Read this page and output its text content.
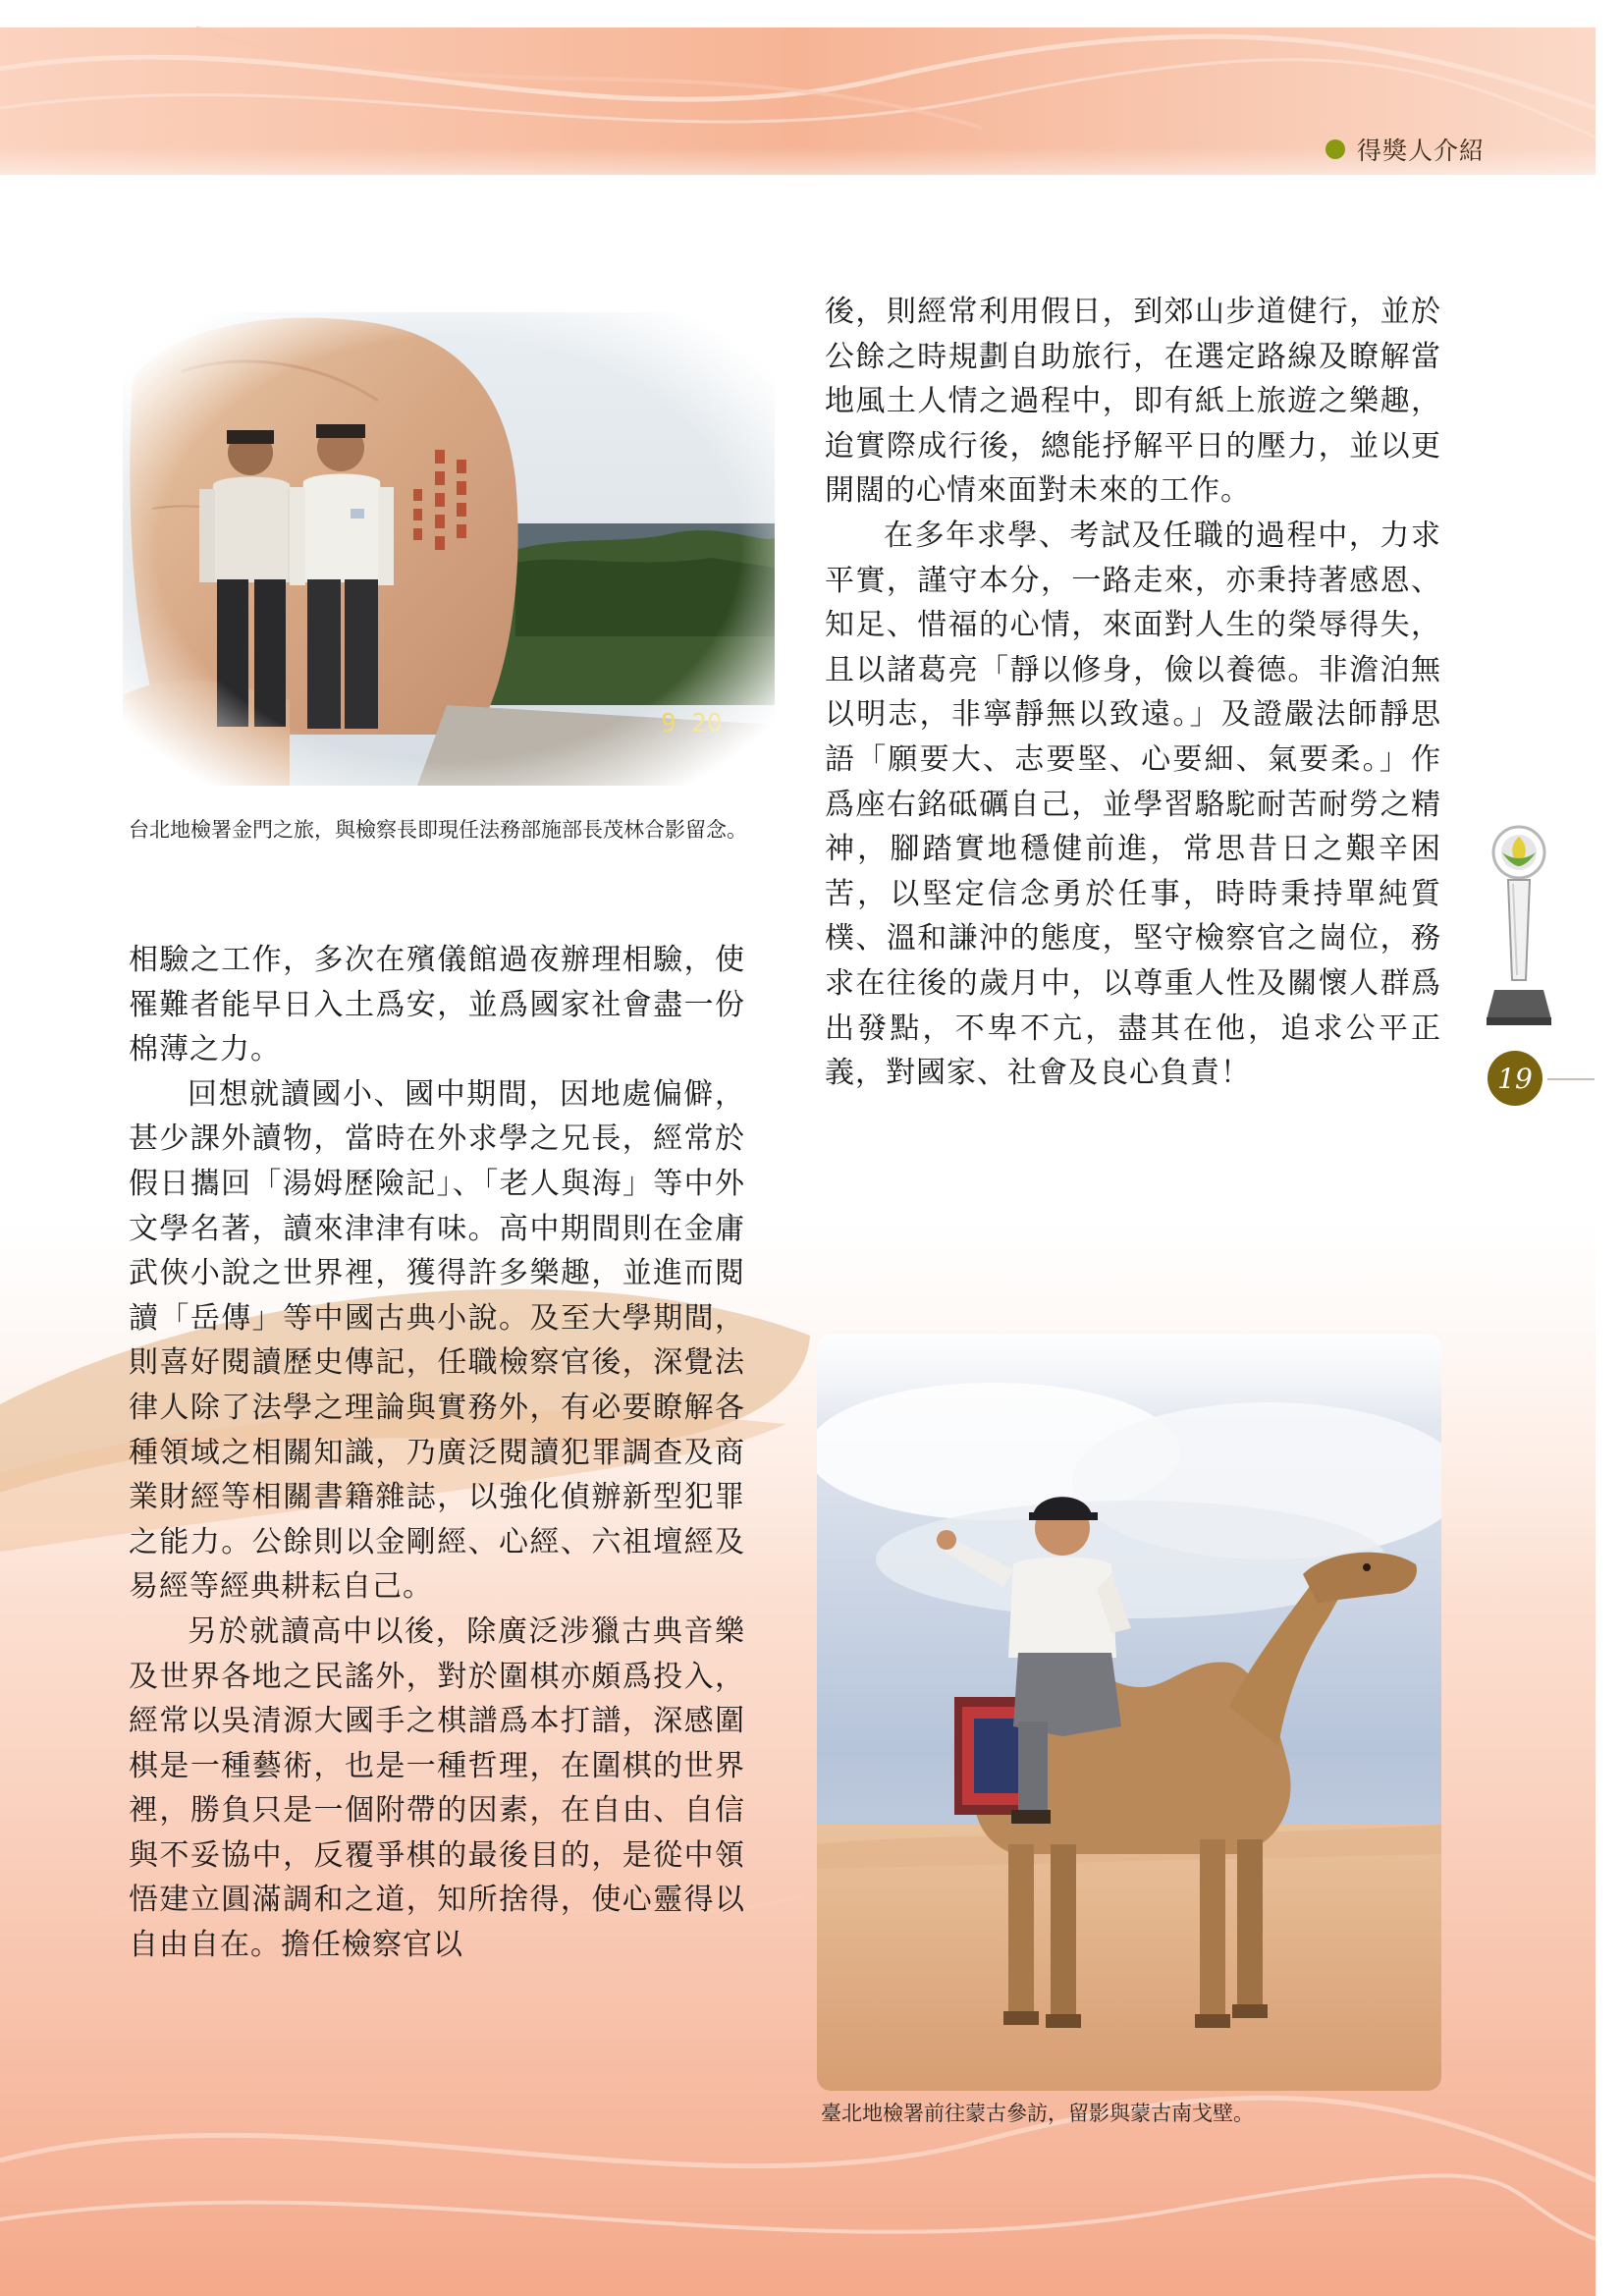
得獎人介紹
台北地檢署金門之旅，與檢察長即現任法務部施部長茂林合影留念。

相驗之工作，多次在殯儀館過夜辦理相驗，使罹難者能早日入土爲安，並爲國家社會盡一份棉薄之力。

回想就讀國小、國中期間，因地處偏僻，甚少課外讀物，當時在外求學之兄長，經常於假日攜回「湯姆歷險記」、「老人與海」等中外文學名著，讀來津津有味。高中期間則在金庸武俠小說之世界裡，獲得許多樂趣，並進而閱讀「岳傳」等中國古典小說。及至大學期間，則喜好閱讀歷史傳記，任職檢察官後，深覺法律人除了法學之理論與實務外，有必要瞭解各種領域之相關知識，乃廣泛閱讀犯罪調查及商業財經等相關書籍雜誌，以強化偵辦新型犯罪之能力。公餘則以金剛經、心經、六祖壇經及易經等經典耕耘自己。

另於就讀高中以後，除廣泛涉獵古典音樂及世界各地之民謠外，對於圍棋亦頗爲投入，經常以吳清源大國手之棋譜爲本打譜，深感圍棋是一種藝術，也是一種哲理，在圍棋的世界裡，勝負只是一個附帶的因素，在自由、自信與不妥協中，反覆爭棋的最後目的，是從中領悟建立圓滿調和之道，知所捨得，使心靈得以自由自在。擔任檢察官以

後，則經常利用假日，到郊山步道健行，並於公餘之時規劃自助旅行，在選定路線及瞭解當地風土人情之過程中，即有紙上旅遊之樂趣，迨實際成行後，總能抒解平日的壓力，並以更開闊的心情來面對未來的工作。

在多年求學、考試及任職的過程中，力求平實，謹守本分，一路走來，亦秉持著感恩、知足、惜福的心情，來面對人生的榮辱得失，且以諸葛亮「靜以修身，儉以養德。非澹泊無以明志，非寧靜無以致遠。」及證嚴法師靜思語「願要大、志要堅、心要細、氣要柔。」作爲座右銘砥礪自己，並學習駱駝耐苦耐勞之精神，腳踏實地穩健前進，常思昔日之艱辛困苦，以堅定信念勇於任事，時時秉持單純質樸、溫和謙沖的態度，堅守檢察官之崗位，務求在往後的歲月中，以尊重人性及關懷人群爲出發點，不卑不亢，盡其在他，追求公平正義，對國家、社會及良心負責！	19
臺北地檢署前往蒙古參訪，留影與蒙古南戈壁。
